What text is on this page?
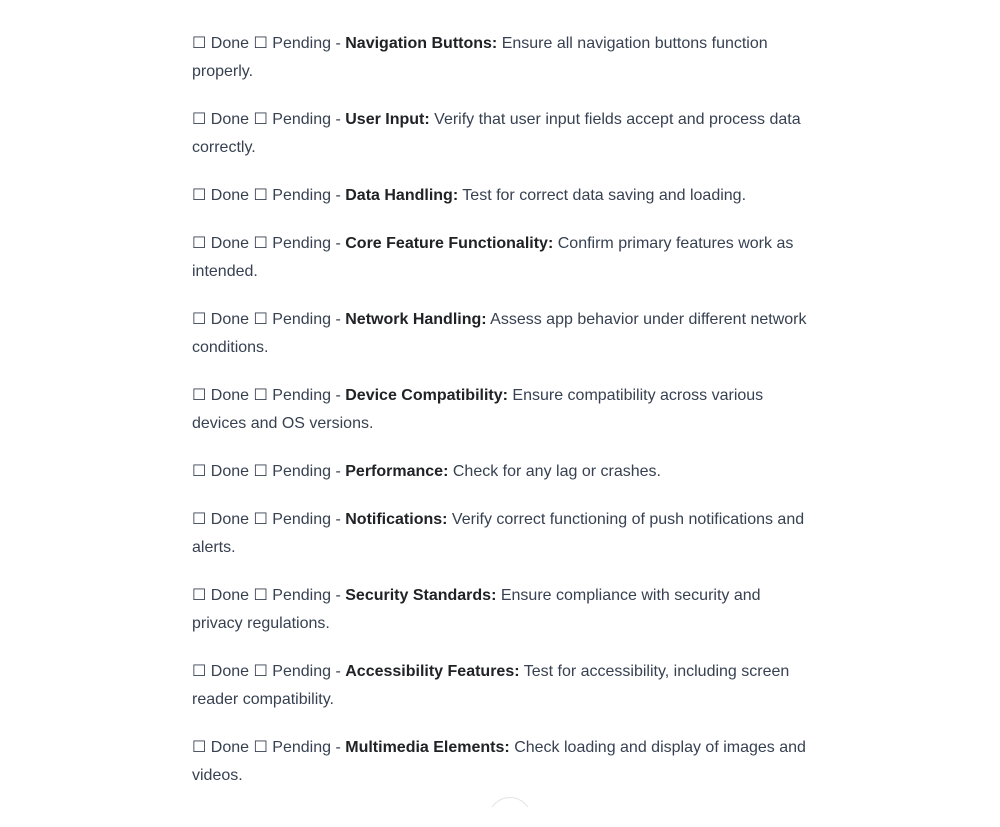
☐ Done ☐ Pending - Navigation Buttons: Ensure all navigation buttons function properly.

☐ Done ☐ Pending - User Input: Verify that user input fields accept and process data correctly.

☐ Done ☐ Pending - Data Handling: Test for correct data saving and loading.

☐ Done ☐ Pending - Core Feature Functionality: Confirm primary features work as intended.

☐ Done ☐ Pending - Network Handling: Assess app behavior under different network conditions.

☐ Done ☐ Pending - Device Compatibility: Ensure compatibility across various devices and OS versions.

☐ Done ☐ Pending - Performance: Check for any lag or crashes.

☐ Done ☐ Pending - Notifications: Verify correct functioning of push notifications and alerts.

☐ Done ☐ Pending - Security Standards: Ensure compliance with security and privacy regulations.

☐ Done ☐ Pending - Accessibility Features: Test for accessibility, including screen reader compatibility.

☐ Done ☐ Pending - Multimedia Elements: Check loading and display of images and videos.
